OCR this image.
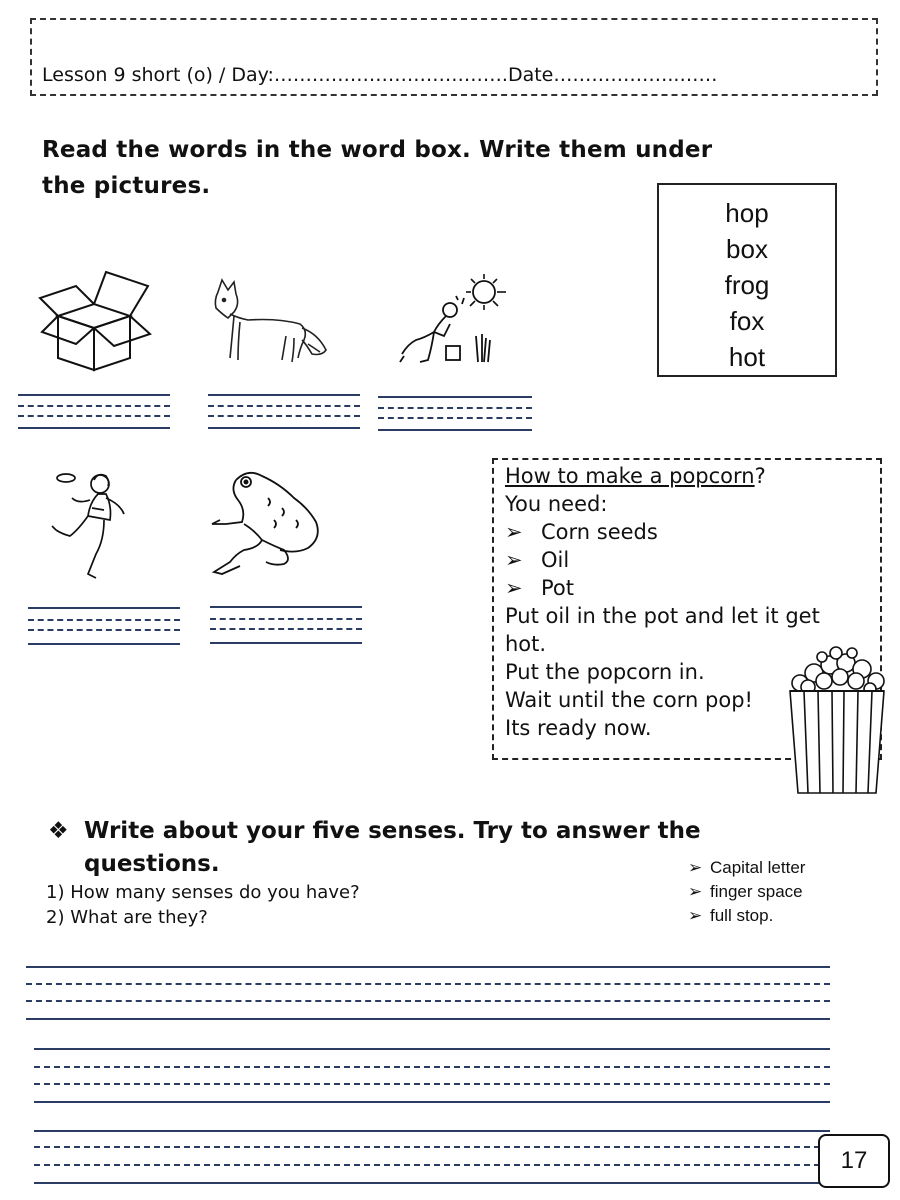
Lesson 9 short (o) / Day:……………………………….Date………………..……
Read the words in the word box. Write them under the pictures.
hop
box
frog
fox
hot
How to make a popcorn?
You need:
➢ Corn seeds
➢ Oil
➢ Pot
Put oil in the pot and let it get hot.
Put the popcorn in.
Wait until the corn pop!
Its ready now.
❖ Write about your five senses. Try to answer the questions.
1) How many senses do you have?
2) What are they?
➢ Capital letter
➢ finger space
➢ full stop.
17
